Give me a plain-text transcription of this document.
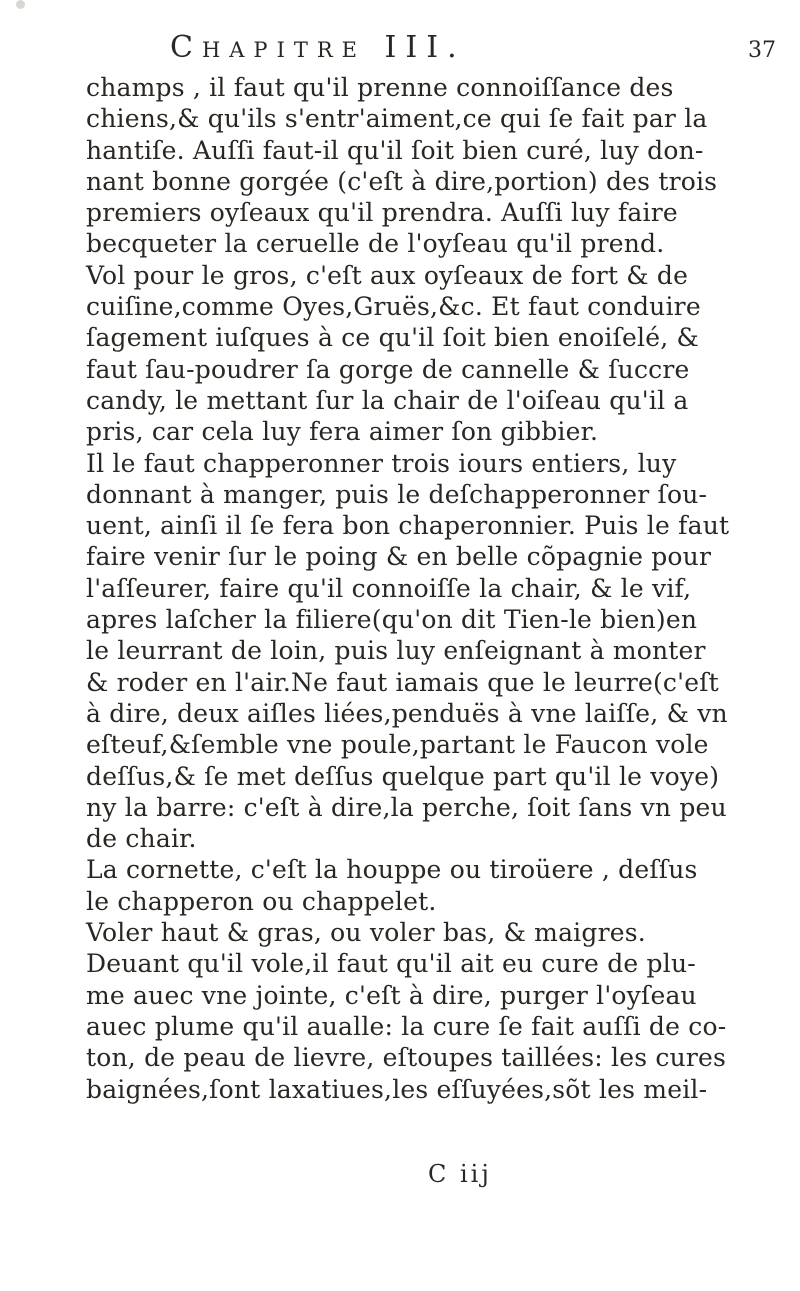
Chapitre III.	37
champs , il faut qu'il prenne connoiſſance des
chiens,& qu'ils s'entr'aiment,ce qui ſe fait par la
hantiſe. Auſſi faut-il qu'il ſoit bien curé, luy don-
nant bonne gorgée (c'eſt à dire,portion) des trois
premiers oyſeaux qu'il prendra. Auſſi luy faire
becqueter la ceruelle de l'oyſeau qu'il prend.
Vol pour le gros, c'eſt aux oyſeaux de fort & de
cuiſine,comme Oyes,Gruës,&c. Et faut conduire
ſagement iuſques à ce qu'il ſoit bien enoiſelé, &
faut ſau-poudrer ſa gorge de cannelle & ſuccre
candy, le mettant ſur la chair de l'oiſeau qu'il a
pris, car cela luy fera aimer ſon gibbier.
Il le faut chapperonner trois iours entiers, luy
donnant à manger, puis le deſchapperonner ſou-
uent, ainſi il ſe fera bon chaperonnier. Puis le faut
faire venir ſur le poing & en belle cõpagnie pour
l'aſſeurer, faire qu'il connoiſſe la chair, & le vif,
apres laſcher la filiere(qu'on dit Tien-le bien)en
le leurrant de loin, puis luy enſeignant à monter
& roder en l'air.Ne faut iamais que le leurre(c'eſt
à dire, deux aiſles liées,penduës à vne laiſſe, & vn
eſteuf,&ſemble vne poule,partant le Faucon vole
deſſus,& ſe met deſſus quelque part qu'il le voye)
ny la barre: c'eſt à dire,la perche, ſoit ſans vn peu
de chair.
La cornette, c'eſt la houppe ou tiroüere , deſſus
le chapperon ou chappelet.
Voler haut & gras, ou voler bas, & maigres.
Deuant qu'il vole,il faut qu'il ait eu cure de plu-
me auec vne jointe, c'eſt à dire, purger l'oyſeau
auec plume qu'il aualle: la cure ſe fait auſſi de co-
ton, de peau de lievre, eſtoupes taillées: les cures
baignées,ſont laxatiues,les eſſuyées,sõt les meil-
C iij
